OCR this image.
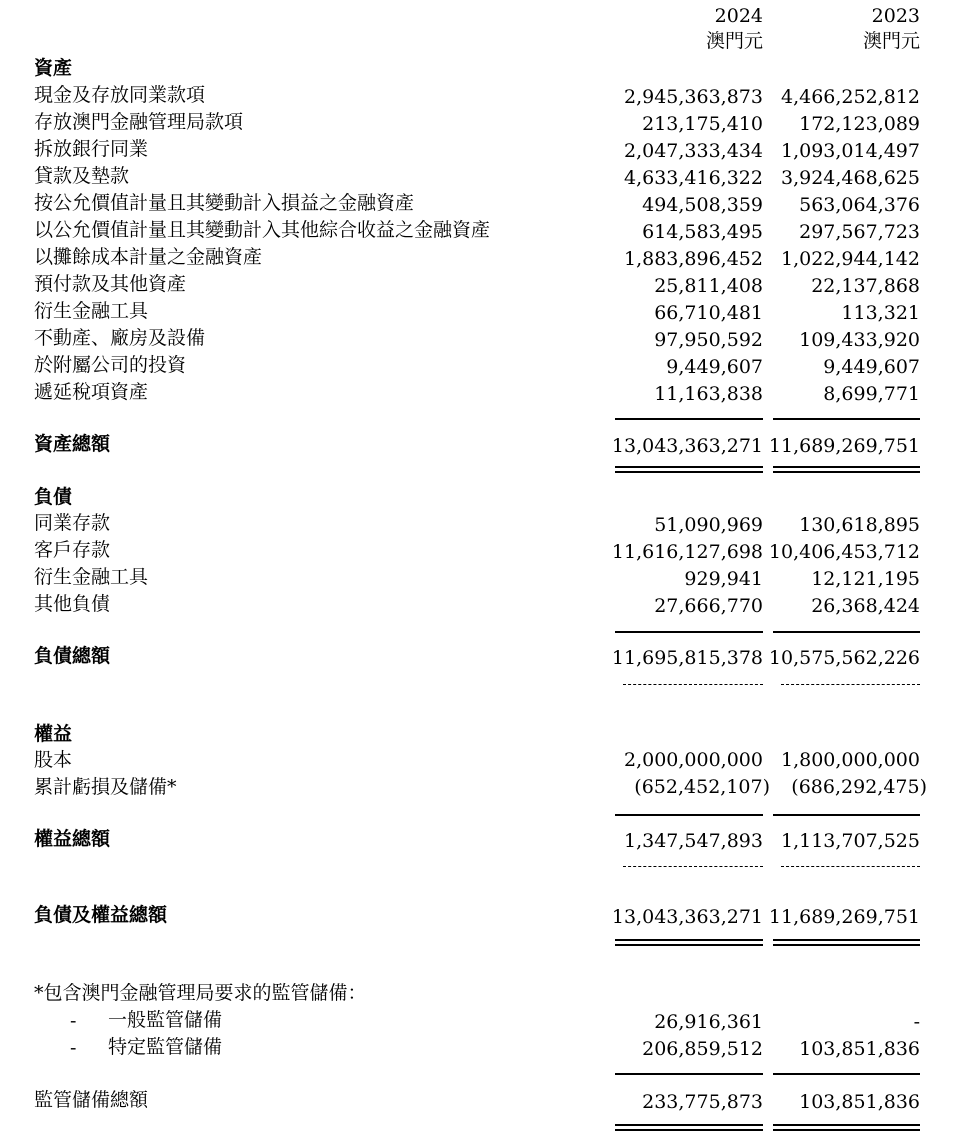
2024	2023
澳門元	澳門元
資產
現金及存放同業款項	2,945,363,873 4,466,252,812
存放澳門金融管理局款項	213,175,410 172,123,089
拆放銀行同業	2,047,333,434 1,093,014,497
貸款及墊款	4,633,416,322 3,924,468,625
按公允價值計量且其變動計入損益之金融資產	494,508,359 563,064,376
以公允價值計量且其變動計入其他綜合收益之金融資產	614,583,495 297,567,723
以攤餘成本計量之金融資產	1,883,896,452 1,022,944,142
預付款及其他資產	25,811,408	22,137,868
衍生金融工具	66,710,481	113,321
不動產、廠房及設備	97,950,592 109,433,920
於附屬公司的投資	9,449,607	9,449,607
遞延稅項資產	11,163,838	8,699,771
資產總額	13,043,363,271 11,689,269,751
負債
同業存款	51,090,969 130,618,895
客戶存款	11,616,127,698 10,406,453,712
衍生金融工具	929,941	12,121,195
其他負債	27,666,770	26,368,424
負債總額	11,695,815,378 10,575,562,226
權益
股本	2,000,000,000 1,800,000,000
累計虧損及儲備*	(652,452,107) (686,292,475)
權益總額	1,347,547,893 1,113,707,525
負債及權益總額	13,043,363,271 11,689,269,751
*包含澳門金融管理局要求的監管儲備：
- 一般監管儲備	26,916,361	-
- 特定監管儲備	206,859,512 103,851,836
監管儲備總額	233,775,873 103,851,836
